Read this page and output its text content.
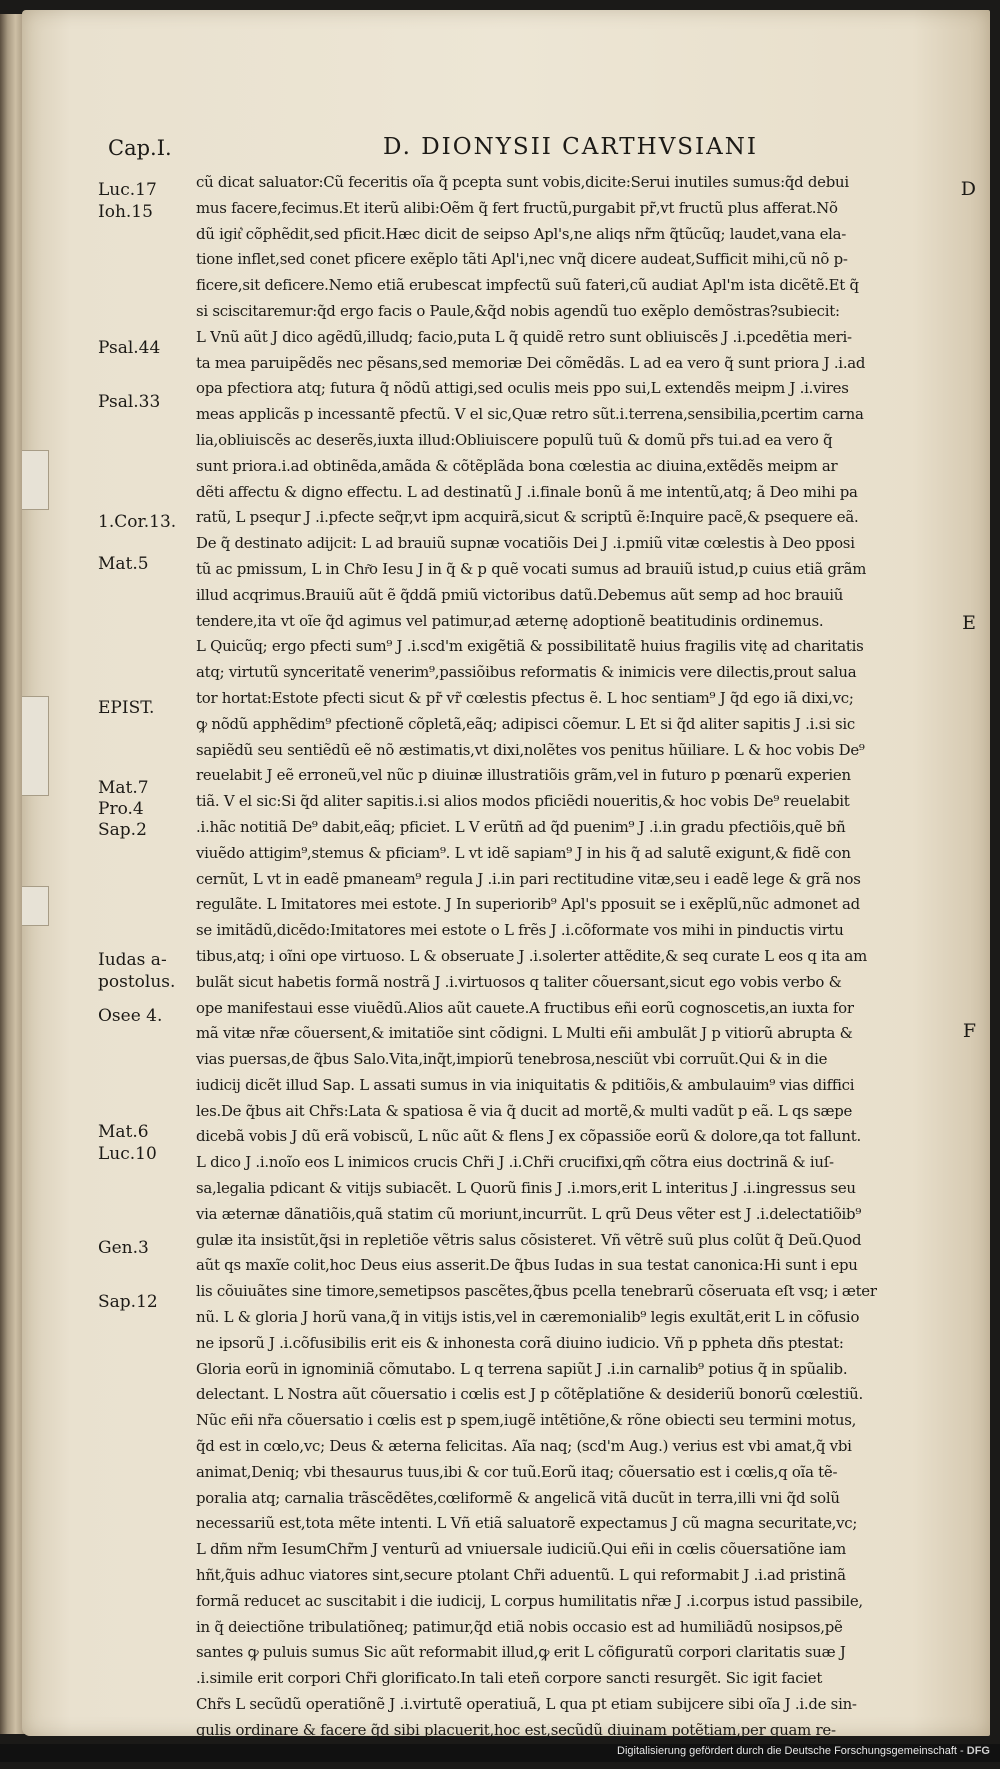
Cap.I.	D. DIONYSII CARTHVSIANI
D
E
F
Luc.17
Ioh.15
Psal.44
Psal.33
1.Cor.13.
Mat.5
EPIST.
Mat.7
Pro.4
Sap.2
Iudas a-
postolus.
Osee 4.
Mat.6
Luc.10
Gen.3
Sap.12
cũ dicat saluator:Cũ feceritis oĩa q̃ pcepta sunt vobis,dicite:Serui inutiles sumus:q̃d debui
mus facere,fecimus.Et iterũ alibi:Oẽm q̃ fert fructũ,purgabit pr̃,vt fructũ plus afferat.Nõ
dũ igit͛ cõphẽdit,sed pficit.Hæc dicit de seipso Apl's,ne aliqs nr̃m q̃tũcũq; laudet,vana ela-
tione inflet,sed conet pficere exẽplo tãti Apl'i,nec vnq̃ dicere audeat,Sufficit mihi,cũ nõ p-
ficere,sit deficere.Nemo etiã erubescat impfectũ suũ fateri,cũ audiat Apl'm ista dicẽtẽ.Et q̃
si sciscitaremur:q̃d ergo facis o Paule,&q̃d nobis agendũ tuo exẽplo demõstras?subiecit:
L Vnũ aũt J dico agẽdũ,illudq; facio,puta L q̃ quidẽ retro sunt obliuiscẽs J .i.pcedẽtia meri-
ta mea paruipẽdẽs nec pẽsans,sed memoriæ Dei cõmẽdãs. L ad ea vero q̃ sunt priora J .i.ad
opa pfectiora atq; futura q̃ nõdũ attigi,sed oculis meis ppo sui,L extendẽs meipm J .i.vires
meas applicãs p incessantẽ pfectũ. V el sic,Quæ retro sũt.i.terrena,sensibilia,pcertim carna
lia,obliuiscẽs ac deserẽs,iuxta illud:Obliuiscere populũ tuũ & domũ pr̃s tui.ad ea vero q̃
sunt priora.i.ad obtinẽda,amãda & cõtẽplãda bona cœlestia ac diuina,extẽdẽs meipm ar
dẽti affectu & digno effectu. L ad destinatũ J .i.finale bonũ ã me intentũ,atq; ã Deo mihi pa
ratũ, L psequr J .i.pfecte seq̃r,vt ipm acquirã,sicut & scriptũ ẽ:Inquire pacẽ,& psequere eã.
De q̃ destinato adijcit: L ad brauiũ supnæ vocatiõis Dei J .i.pmiũ vitæ cœlestis à Deo pposi
tũ ac pmissum, L in Chr͂o Iesu J in q̃ & p quẽ vocati sumus ad brauiũ istud,p cuius etiã grãm
illud acqrimus.Brauiũ aũt ẽ q̃ddã pmiũ victoribus datũ.Debemus aũt semp ad hoc brauiũ
tendere,ita vt oĩe q̃d agimus vel patimur,ad æternę adoptionẽ beatitudinis ordinemus.
L Quicũq; ergo pfecti sum⁹ J .i.scd'm exigẽtiã & possibilitatẽ huius fragilis vitę ad charitatis
atq; virtutũ synceritatẽ venerim⁹,passiõibus reformatis & inimicis vere dilectis,prout salua
tor hortat:Estote pfecti sicut & pr̃ vr̃ cœlestis pfectus ẽ. L hoc sentiam⁹ J q̃d ego iã dixi,vc;
ꝙ nõdũ apphẽdim⁹ pfectionẽ cõpletã,eãq; adipisci cõemur. L Et si q̃d aliter sapitis J .i.si sic
sapiẽdũ seu sentiẽdũ eẽ nõ æstimatis,vt dixi,nolẽtes vos penitus hũiliare. L & hoc vobis De⁹
reuelabit J eẽ erroneũ,vel nũc p diuinæ illustratiõis grãm,vel in futuro p pœnarũ experien
tiã. V el sic:Si q̃d aliter sapitis.i.si alios modos pficiẽdi noueritis,& hoc vobis De⁹ reuelabit
.i.hãc notitiã De⁹ dabit,eãq; pficiet. L V erũtñ ad q̃d puenim⁹ J .i.in gradu pfectiõis,quẽ bñ
viuẽdo attigim⁹,stemus & pficiam⁹. L vt idẽ sapiam⁹ J in his q̃ ad salutẽ exigunt,& fidẽ con
cernũt, L vt in eadẽ pmaneam⁹ regula J .i.in pari rectitudine vitæ,seu i eadẽ lege & grã nos
regulãte. L Imitatores mei estote. J In superiorib⁹ Apl's pposuit se i exẽplũ,nũc admonet ad
se imitãdũ,dicẽdo:Imitatores mei estote o L frẽs J .i.cõformate vos mihi in pinductis virtu
tibus,atq; i oĩni ope virtuoso. L & obseruate J .i.solerter attẽdite,& seq curate L eos q ita am
bulãt sicut habetis formã nostrã J .i.virtuosos q taliter cõuersant,sicut ego vobis verbo &
ope manifestaui esse viuẽdũ.Alios aũt cauete.A fructibus eñi eorũ cognoscetis,an iuxta for
mã vitæ nr̃æ cõuersent,& imitatiõe sint cõdigni. L Multi eñi ambulãt J p vitiorũ abrupta &
vias puersas,de q̃bus Salo.Vita,inq̃t,impiorũ tenebrosa,nesciũt vbi corruũt.Qui & in die
iudicij dicẽt illud Sap. L assati sumus in via iniquitatis & pditiõis,& ambulauim⁹ vias diffici
les.De q̃bus ait Chr̃s:Lata & spatiosa ẽ via q̃ ducit ad mortẽ,& multi vadũt p eã. L qs sæpe
dicebã vobis J dũ erã vobiscũ, L nũc aũt & flens J ex cõpassiõe eorũ & dolore,qa tot fallunt.
L dico J .i.noĩo eos L inimicos crucis Chr̃i J .i.Chr̃i crucifixi,qm̃ cõtra eius doctrinã & iuſ-
sa,legalia pdicant & vitijs subiacẽt. L Quorũ finis J .i.mors,erit L interitus J .i.ingressus seu
via æternæ dãnatiõis,quã statim cũ moriunt,incurrũt. L qrũ Deus vẽter est J .i.delectatiõib⁹
gulæ ita insistũt,q̃si in repletiõe vẽtris salus cõsisteret. Vñ vẽtrẽ suũ plus colũt q̃ Deũ.Quod
aũt qs maxĩe colit,hoc Deus eius asserit.De q̃bus Iudas in sua testat canonica:Hi sunt i epu
lis cõuiuãtes sine timore,semetipsos pascẽtes,q̃bus pcella tenebrarũ cõseruata eſt vsq; i æter
nũ. L & gloria J horũ vana,q̃ in vitijs istis,vel in cæremonialib⁹ legis exultãt,erit L in cõfusio
ne ipsorũ J .i.cõfusibilis erit eis & inhonesta corã diuino iudicio. Vñ p ppheta dñs ptestat:
Gloria eorũ in ignominiã cõmutabo. L q terrena sapiũt J .i.in carnalib⁹ potius q̃ in spũalib.
delectant. L Nostra aũt cõuersatio i cœlis est J p cõtẽplatiõne & desideriũ bonorũ cœlestiũ.
Nũc eñi nr̃a cõuersatio i cœlis est p spem,iugẽ intẽtiõne,& rõne obiecti seu termini motus,
q̃d est in cœlo,vc; Deus & æterna felicitas. Aĩa naq; (scd'm Aug.) verius est vbi amat,q̃ vbi
animat,Deniq; vbi thesaurus tuus,ibi & cor tuũ.Eorũ itaq; cõuersatio est i cœlis,q oĩa tẽ-
poralia atq; carnalia trãscẽdẽtes,cœliformẽ & angelicã vitã ducũt in terra,illi vni q̃d solũ
necessariũ est,tota mẽte intenti. L Vñ etiã saluatorẽ expectamus J cũ magna securitate,vc;
L dñm nr̃m IesumChr̃m J venturũ ad vniuersale iudiciũ.Qui eñi in cœlis cõuersatiõne iam
hñt,q̃uis adhuc viatores sint,secure ptolant Chr̃i aduentũ. L qui reformabit J .i.ad pristinã
formã reducet ac suscitabit i die iudicij, L corpus humilitatis nr̃æ J .i.corpus istud passibile,
in q̃ deiectiõne tribulatiõneq; patimur,q̃d etiã nobis occasio est ad humiliãdũ nosipsos,pẽ
santes ꝙ puluis sumus Sic aũt reformabit illud,ꝙ erit L cõfiguratũ corpori claritatis suæ J
.i.simile erit corpori Chr̃i glorificato.In tali eteñ corpore sancti resurgẽt. Sic igit faciet
Chr̃s L secũdũ operatiõnẽ J .i.virtutẽ operatiuã, L qua pt etiam subijcere sibi oĩa J .i.de sin-
gulis ordinare & facere q̃d sibi placuerit,hoc est,secũdũ diuinam potẽtiam,per quam re-
Digitalisierung gefördert durch die Deutsche Forschungsgemeinschaft - DFG
